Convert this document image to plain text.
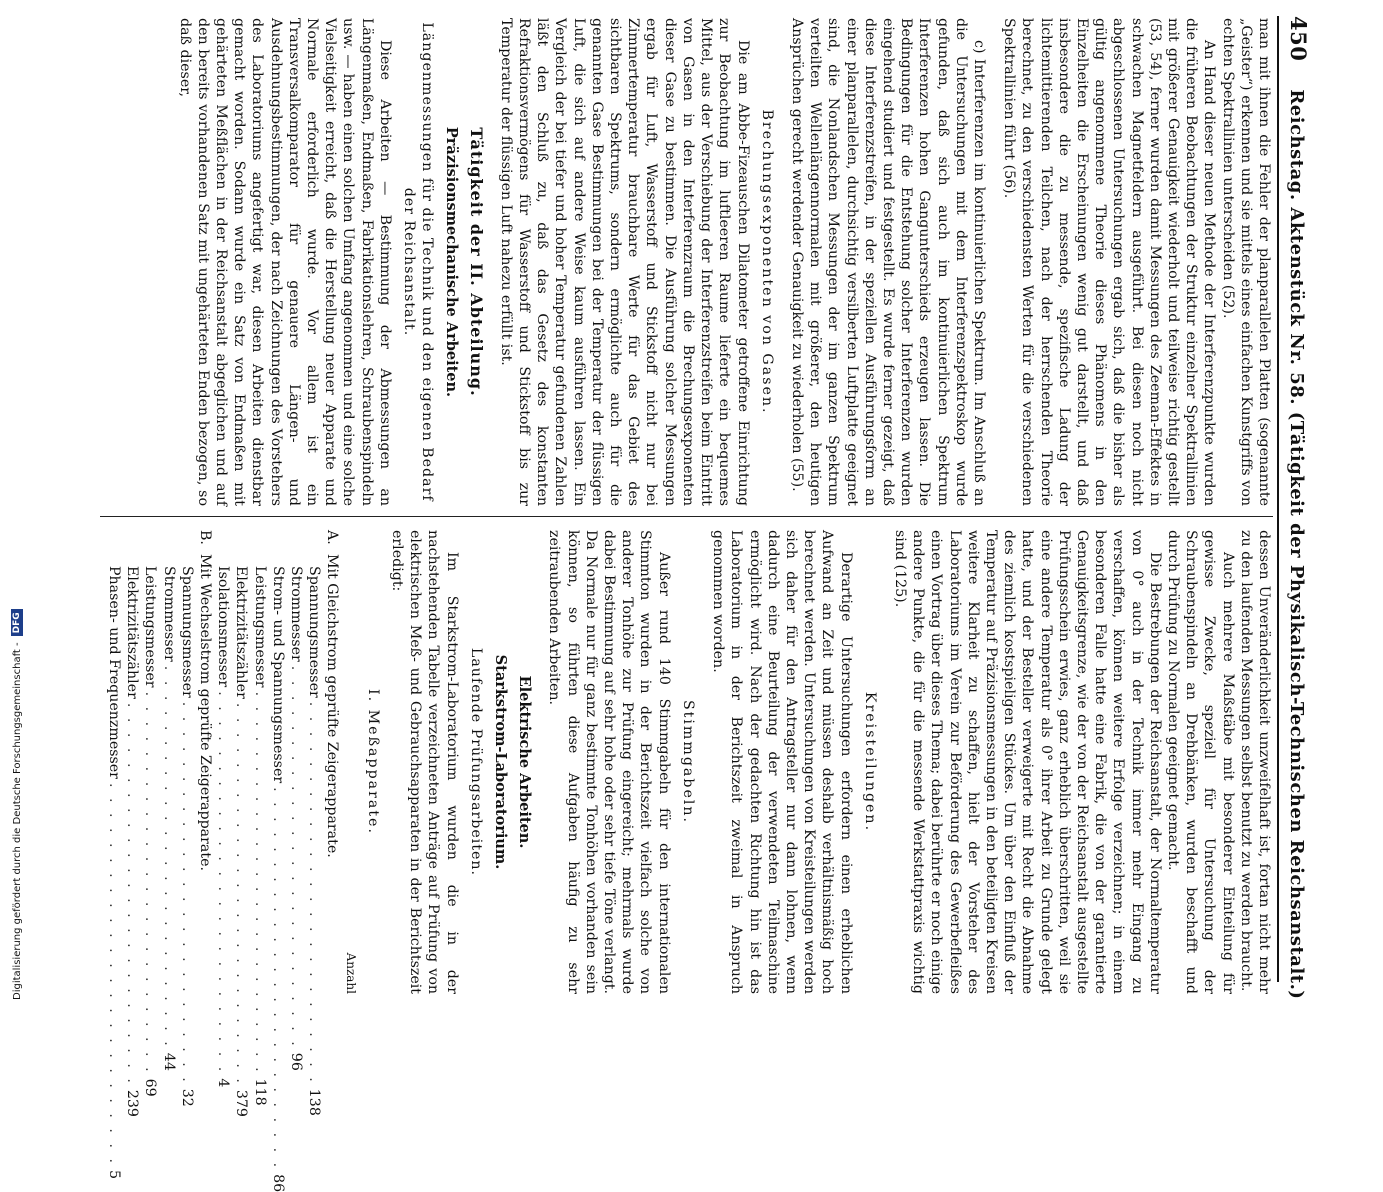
450
Reichstag. Aktenstück Nr. 58. (Tätigkeit der Physikalisch-Technischen Reichsanstalt.)

man mit ihnen die Fehler der planparallelen Platten (sogenannte „Geister“) erkennen und sie mittels eines einfachen Kunstgriffs von echten Spektrallinien unterscheiden (52).

An Hand dieser neuen Methode der Interferenzpunkte wurden die früheren Beobachtungen der Struktur einzelner Spektrallinien mit größerer Genauigkeit wiederholt und teilweise richtig gestellt (53, 54), ferner wurden damit Messungen des Zeeman-Effektes in schwachen Magnetfeldern ausgeführt. Bei diesen noch nicht abgeschlossenen Untersuchungen ergab sich, daß die bisher als gültig angenommene Theorie dieses Phänomens in den Einzelheiten die Erscheinungen wenig gut darstellt, und daß insbesondere die zu messende, spezifische Ladung der lichtemittierenden Teilchen, nach der herrschenden Theorie berechnet, zu den verschiedensten Werten für die verschiedenen Spektrallinien führt (56).

c) Interferenzen im kontinuierlichen Spektrum. Im Anschluß an die Untersuchungen mit dem Interferenzspektroskop wurde gefunden, daß sich auch im kontinuierlichen Spektrum Interferenzen hohen Gangunterschieds erzeugen lassen. Die Bedingungen für die Entstehung solcher Interferenzen wurden eingehend studiert und festgestellt. Es wurde ferner gezeigt, daß diese Interferenzstreifen, in der speziellen Ausführungsform an einer planparallelen, durchsichtig versilberten Luftplatte geeignet sind, die Nonlandschen Messungen der im ganzen Spektrum verteilten Wellenlängennormalen mit größerer, den heutigen Ansprüchen gerecht werdender Genauigkeit zu wiederholen (55).

Brechungsexponenten von Gasen.

Die am Abbe-Fizeauschen Dilatometer getroffene Einrichtung zur Beobachtung im luftleeren Raume lieferte ein bequemes Mittel, aus der Verschiebung der Interferenzstreifen beim Eintritt von Gasen in den Interferenzraum die Brechungsexponenten dieser Gase zu bestimmen. Die Ausführung solcher Messungen ergab für Luft, Wasserstoff und Stickstoff nicht nur bei Zimmertemperatur brauchbare Werte für das Gebiet des sichtbaren Spektrums, sondern ermöglichte auch für die genannten Gase Bestimmungen bei der Temperatur der flüssigen Luft, die sich auf andere Weise kaum ausführen lassen. Ein Vergleich der bei tiefer und hoher Temperatur gefundenen Zahlen läßt den Schluß zu, daß das Gesetz des konstanten Refraktionsvermögens für Wasserstoff und Stickstoff bis zur Temperatur der flüssigen Luft nahezu erfüllt ist.

Tätigkeit der II. Abteilung.

Präzisionsmechanische Arbeiten.

Längenmessungen für die Technik und den eigenen Bedarf der Reichsanstalt.

Diese Arbeiten — Bestimmung der Abmessungen an Längenmaßen, Endmaßen, Fabrikationslehren, Schraubenspindeln usw. — haben einen solchen Umfang angenommen und eine solche Vielseitigkeit erreicht, daß die Herstellung neuer Apparate und Normale erforderlich wurde. Vor allem ist ein Transversalkomparator für genauere Längen- und Ausdehnungsbestimmungen, der nach Zeichnungen des Vorstehers des Laboratoriums angefertigt war, diesen Arbeiten dienstbar gemacht worden. Sodann wurde ein Satz von Endmaßen mit gehärteten Meßflächen in der Reichsanstalt abgeglichen und auf den bereits vorhandenen Satz mit ungehärteten Enden bezogen, so daß dieser,

dessen Unveränderlichkeit unzweifelhaft ist, fortan nicht mehr zu den laufenden Messungen selbst benutzt zu werden braucht.

Auch mehrere Maßstäbe mit besonderer Einteilung für gewisse Zwecke, speziell für Untersuchung der Schraubenspindeln an Drehbänken, wurden beschafft und durch Prüfung zu Normalen geeignet gemacht.

Die Bestrebungen der Reichsanstalt, der Normaltemperatur von 0° auch in der Technik immer mehr Eingang zu verschaffen, können weitere Erfolge verzeichnen; in einem besonderen Falle hatte eine Fabrik, die von der garantierte Genauigkeitsgrenze, wie der von der Reichsanstalt ausgestellte Prüfungsschein erwies, ganz erheblich überschritten, weil sie eine andere Temperatur als 0° ihrer Arbeit zu Grunde gelegt hatte, und der Besteller verweigerte mit Recht die Abnahme des ziemlich kostspieligen Stückes. Um über den Einfluß der Temperatur auf Präzisionsmessungen in den beteiligten Kreisen weitere Klarheit zu schaffen, hielt der Vorsteher des Laboratoriums im Verein zur Beförderung des Gewerbefleißes einen Vortrag über dieses Thema; dabei berührte er noch einige andere Punkte, die für die messende Werkstattpraxis wichtig sind (125).

Kreisteilungen.

Derartige Untersuchungen erfordern einen erheblichen Aufwand an Zeit und müssen deshalb verhältnismäßig hoch berechnet werden. Untersuchungen von Kreisteilungen werden sich daher für den Antragsteller nur dann lohnen, wenn dadurch eine Beurteilung der verwendeten Teilmaschine ermöglicht wird. Nach der gedachten Richtung hin ist das Laboratorium in der Berichtszeit zweimal in Anspruch genommen worden.

Stimmgabeln.

Außer rund 140 Stimmgabeln für den internationalen Stimmton wurden in der Berichtszeit vielfach solche von anderer Tonhöhe zur Prüfung eingereicht; mehrmals wurde dabei Bestimmung auf sehr hohe oder sehr tiefe Töne verlangt. Da Normale nur für ganz bestimmte Tonhöhen vorhanden sein können, so führten diese Aufgaben häufig zu sehr zeitraubenden Arbeiten.

Elektrische Arbeiten.

Starkstrom-Laboratorium.

Laufende Prüfungsarbeiten.

Im Starkstrom-Laboratorium wurden die in der nachstehenden Tabelle verzeichneten Anträge auf Prüfung von elektrischen Meß- und Gebrauchsapparaten in der Berichtszeit erledigt:

I. Meßapparate.

Anzahl
A.
Mit Gleichstrom geprüfte Zeigerapparate.
Spannungsmesser
. . . . . . . . . . . . . . . . . . . . . . . . . .
138
Strommesser
. . . . . . . . . . . . . . . . . . . . . . . . . .
96
Strom- und Spannungsmesser
. . . . . . . . . . . . . . . . . . . . . . . . . .
86
Leistungsmesser
. . . . . . . . . . . . . . . . . . . . . . . . . .
118
Elektrizitätszähler
. . . . . . . . . . . . . . . . . . . . . . . . . .
379
Isolationsmesser
. . . . . . . . . . . . . . . . . . . . . . . . . .
4
B.
Mit Wechselstrom geprüfte Zeigerapparate.
Spannungsmesser
. . . . . . . . . . . . . . . . . . . . . . . . . .
32
Strommesser
. . . . . . . . . . . . . . . . . . . . . . . . . .
44
Leistungsmesser
. . . . . . . . . . . . . . . . . . . . . . . . . .
69
Elektrizitätszähler
. . . . . . . . . . . . . . . . . . . . . . . . . .
239
Phasen- und Frequenzmesser
. . . . . . . . . . . . . . . . . . . . . . . . . .
5
Digitalisierung gefördert durch die Deutsche Forschungsgemeinschaft -
DFG
